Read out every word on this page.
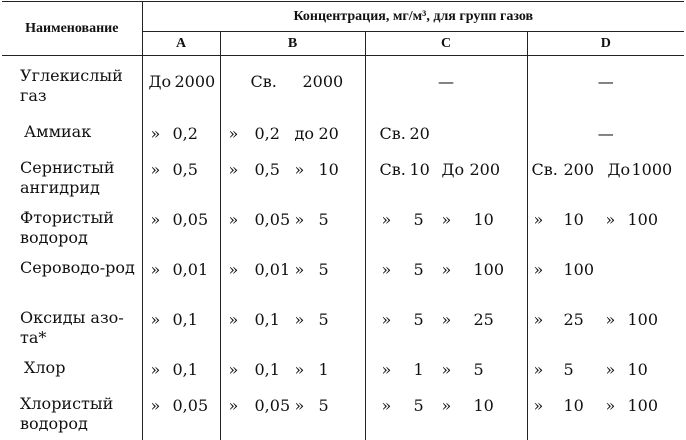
Наименование	Концентрация, мг/м³, для групп газов			
	A	B	C	D
Углекислый газ	До 2000	Св. 2000	—	—
Аммиак	» 0,2	» 0,2 до 20	Св. 20	—
Сернистый ангидрид	» 0,5	» 0,5 » 10	Св. 10 До 200	Св. 200 До 1000

Фтористый водород	» 0,05	» 0,05 » 5	» 5 » 10	» 10 » 100

Сероводо-род	» 0,01	» 0,01 » 5	» 5 » 100	» 100

Оксиды азо-та*	» 0,1	» 0,1 » 5	» 5 » 25	» 25 » 100

Хлор	» 0,1	» 0,1 » 1	» 1 » 5	» 5 » 10

Хлористый водород	» 0,05	» 0,05 » 5	» 5 » 10	» 10 » 100
